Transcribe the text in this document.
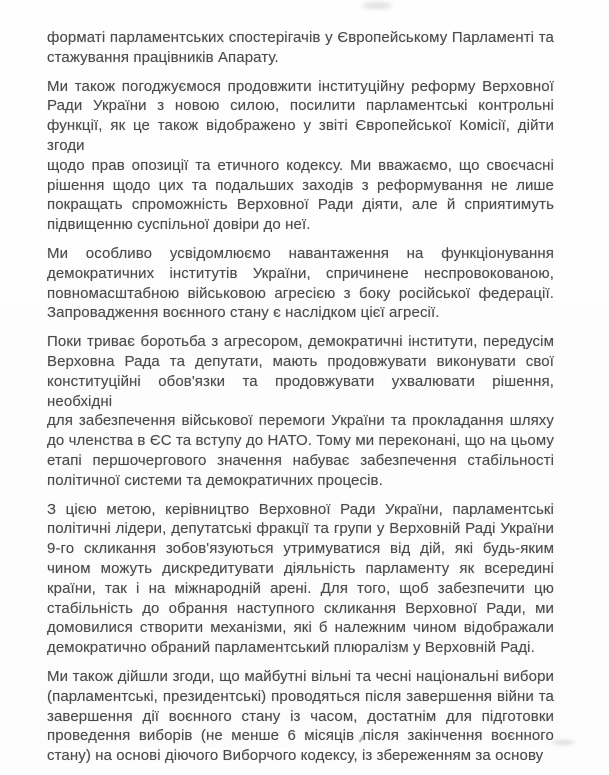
форматі парламентських спостерігачів у Європейському Парламенті та
стажування працівників Апарату.

Ми також погоджуємося продовжити інституційну реформу Верховної
Ради України з новою силою, посилити парламентські контрольні
функції, як це також відображено у звіті Європейської Комісії, дійти згоди
щодо прав опозиції та етичного кодексу. Ми вважаємо, що своєчасні
рішення щодо цих та подальших заходів з реформування не лише
покращать спроможність Верховної Ради діяти, але й сприятимуть
підвищенню суспільної довіри до неї.

Ми особливо усвідомлюємо навантаження на функціонування
демократичних інститутів України, спричинене неспровокованою,
повномасштабною військовою агресією з боку російської федерації.
Запровадження воєнного стану є наслідком цієї агресії.

Поки триває боротьба з агресором, демократичні інститути, передусім
Верховна Рада та депутати, мають продовжувати виконувати свої
конституційні обов'язки та продовжувати ухвалювати рішення, необхідні
для забезпечення військової перемоги України та прокладання шляху
до членства в ЄС та вступу до НАТО. Тому ми переконані, що на цьому
етапі першочергового значення набуває забезпечення стабільності
політичної системи та демократичних процесів.

З цією метою, керівництво Верховної Ради України, парламентські
політичні лідери, депутатські фракції та групи у Верховній Раді України
9-го скликання зобов'язуються утримуватися від дій, які будь-яким
чином можуть дискредитувати діяльність парламенту як всередині
країни, так і на міжнародній арені. Для того, щоб забезпечити цю
стабільність до обрання наступного скликання Верховної Ради, ми
домовилися створити механізми, які б належним чином відображали
демократично обраний парламентський плюралізм у Верховній Раді.

Ми також дійшли згоди, що майбутні вільні та чесні національні вибори
(парламентські, президентські) проводяться після завершення війни та
завершення дії воєнного стану із часом, достатнім для підготовки
проведення виборів (не менше 6 місяців після закінчення воєнного
стану) на основі діючого Виборчого кодексу, із збереженням за основу
